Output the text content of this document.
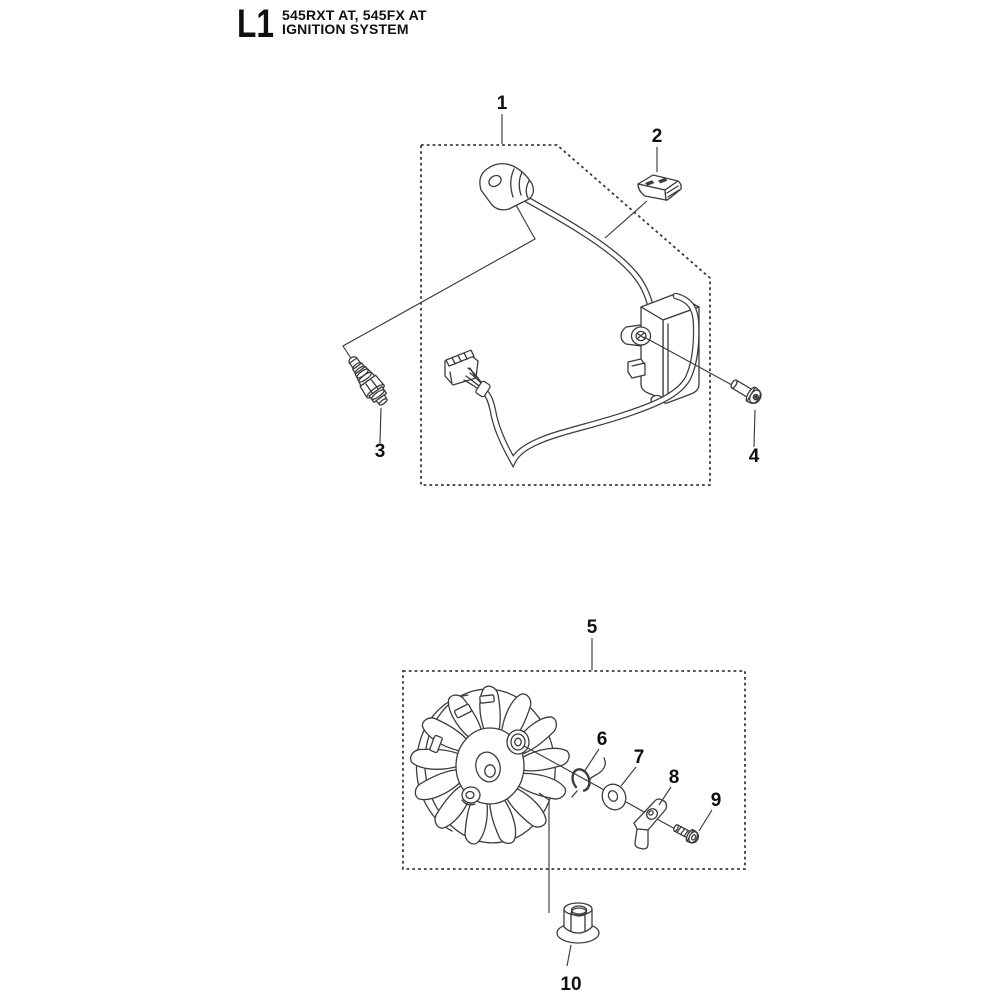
L1 545RXT AT, 545FX AT
IGNITION SYSTEM
1
2
3	4
5
6
7
8
9
10
